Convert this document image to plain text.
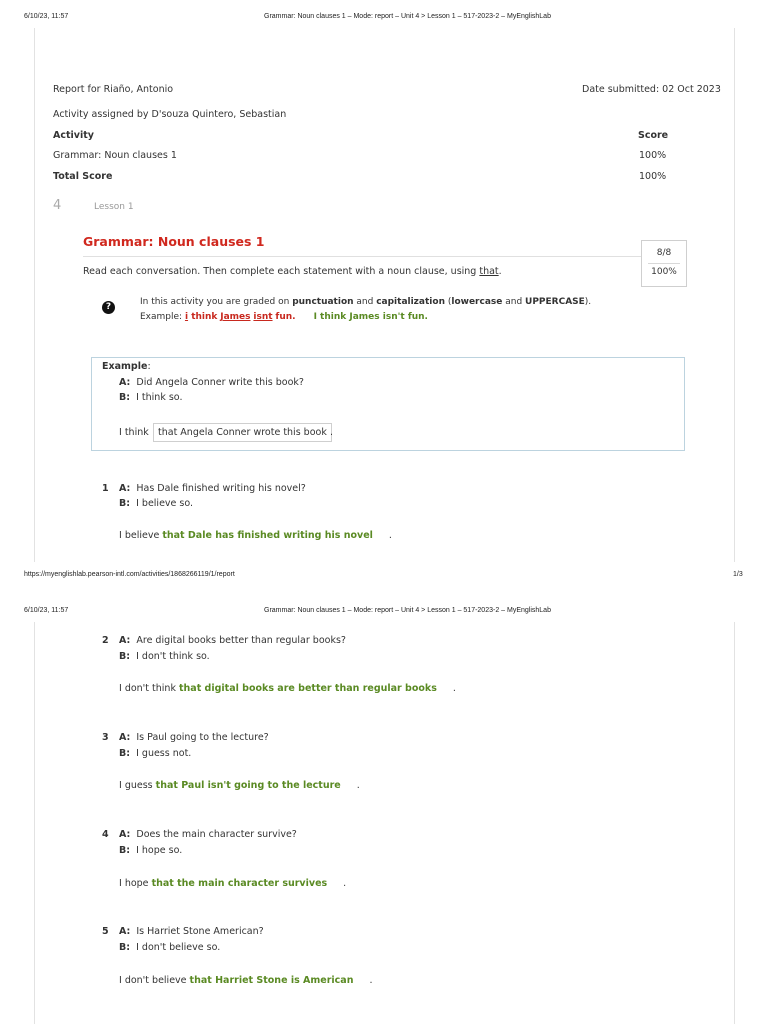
6/10/23, 11:57	Grammar: Noun clauses 1 – Mode: report – Unit 4 > Lesson 1 – 517-2023-2 – MyEnglishLab
Report for Riaño, Antonio	Date submitted: 02 Oct 2023
Activity assigned by D'souza Quintero, Sebastian
Activity	Score
Grammar: Noun clauses 1	100%
Total Score	100%
4	Lesson 1
Grammar: Noun clauses 1
8/8
100%
Read each conversation. Then complete each statement with a noun clause, using that.
?	In this activity you are graded on punctuation and capitalization (lowercase and UPPERCASE).
Example: i think James isnt fun. I think James isn't fun.
Example:
A: Did Angela Conner write this book?
B: I think so.
I think that Angela Conner wrote this book .
1 A: Has Dale finished writing his novel?
B: I believe so.
I believe that Dale has finished writing his novel .
https://myenglishlab.pearson-intl.com/activities/1868266119/1/report	1/3
6/10/23, 11:57	Grammar: Noun clauses 1 – Mode: report – Unit 4 > Lesson 1 – 517-2023-2 – MyEnglishLab
2 A: Are digital books better than regular books?
B: I don't think so.
I don't think that digital books are better than regular books .
3 A: Is Paul going to the lecture?
B: I guess not.
I guess that Paul isn't going to the lecture .
4 A: Does the main character survive?
B: I hope so.
I hope that the main character survives .
5 A: Is Harriet Stone American?
B: I don't believe so.
I don't believe that Harriet Stone is American .
